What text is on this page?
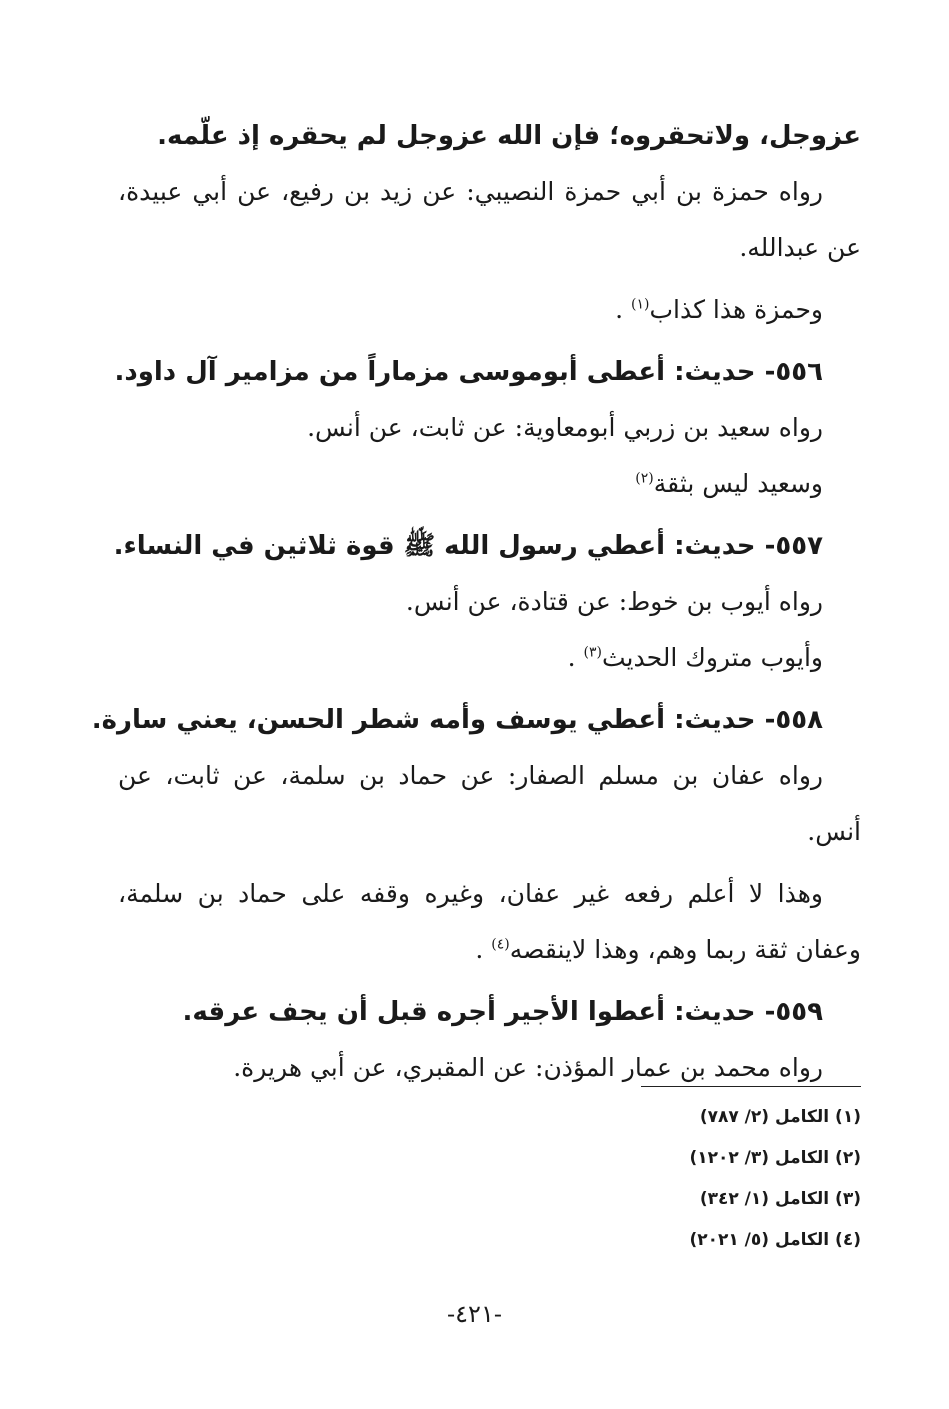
عزوجل، ولاتحقروه؛ فإن الله عزوجل لم يحقره إذ علّمه.
رواه حمزة بن أبي حمزة النصيبي: عن زيد بن رفيع، عن أبي عبيدة،
عن عبدالله.
وحمزة هذا كذاب$^{(١)}$ .
٥٥٦- حديث: أعطى أبوموسى مزماراً من مزامير آل داود.
رواه سعيد بن زربي أبومعاوية: عن ثابت، عن أنس.
وسعيد ليس بثقة$^{(٢)}$
٥٥٧- حديث: أعطي رسول الله ﷺ قوة ثلاثين في النساء.
رواه أيوب بن خوط: عن قتادة، عن أنس.
وأيوب متروك الحديث$^{(٣)}$ .
٥٥٨- حديث: أعطي يوسف وأمه شطر الحسن، يعني سارة.
رواه عفان بن مسلم الصفار: عن حماد بن سلمة، عن ثابت، عن
أنس.
وهذا لا أعلم رفعه غير عفان، وغيره وقفه على حماد بن سلمة،
وعفان ثقة ربما وهم، وهذا لاينقصه$^{(٤)}$ .
٥٥٩- حديث: أعطوا الأجير أجره قبل أن يجف عرقه.
رواه محمد بن عمار المؤذن: عن المقبري، عن أبي هريرة.
(١) الكامل (٢/ ٧٨٧)
(٢) الكامل (٣/ ١٢٠٢)
(٣) الكامل (١/ ٣٤٢)
(٤) الكامل (٥/ ٢٠٢١)
-٤٢١-
